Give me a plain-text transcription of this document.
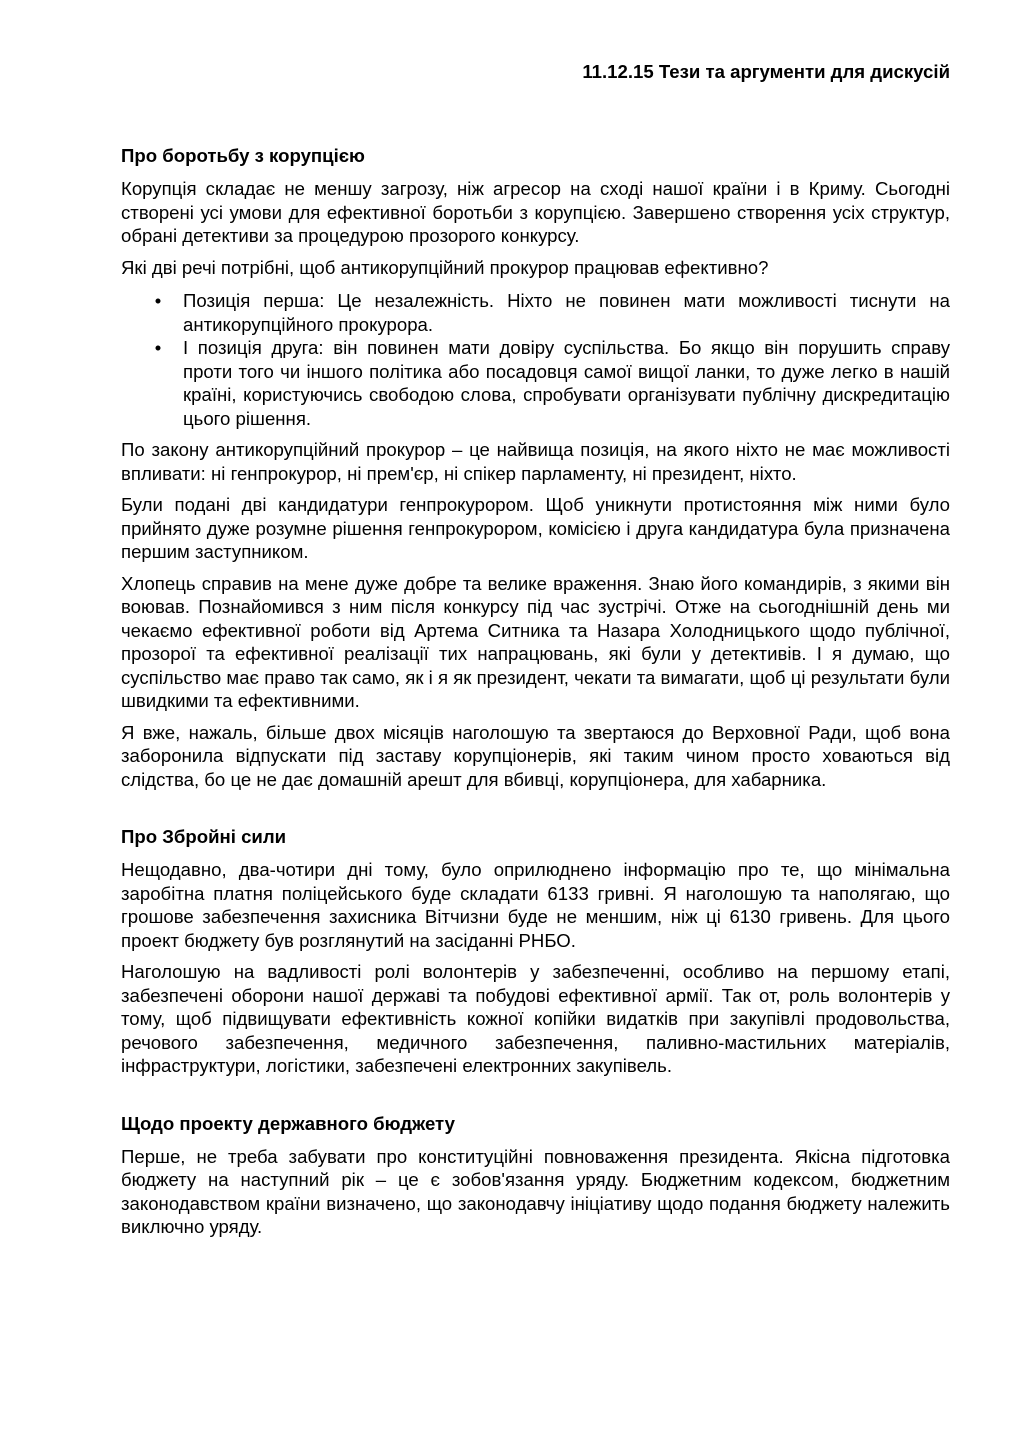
11.12.15 Тези та аргументи для дискусій
Про боротьбу з корупцією

Корупція складає не меншу загрозу, ніж агресор на сході нашої країни і в Криму. Сьогодні створені усі умови для ефективної боротьби з корупцією. Завершено створення усіх структур, обрані детективи за процедурою прозорого конкурсу.

Які дві речі потрібні, щоб антикорупційний прокурор працював ефективно?

• Позиція перша: Це незалежність. Ніхто не повинен мати можливості тиснути на антикорупційного прокурора.
• І позиція друга: він повинен мати довіру суспільства. Бо якщо він порушить справу проти того чи іншого політика або посадовця самої вищої ланки, то дуже легко в нашій країні, користуючись свободою слова, спробувати організувати публічну дискредитацію цього рішення.

По закону антикорупційний прокурор – це найвища позиція, на якого ніхто не має можливості впливати: ні генпрокурор, ні прем'єр, ні спікер парламенту, ні президент, ніхто.

Були подані дві кандидатури генпрокурором. Щоб уникнути протистояння між ними було прийнято дуже розумне рішення генпрокурором, комісією і друга кандидатура була призначена першим заступником.

Хлопець справив на мене дуже добре та велике враження. Знаю його командирів, з якими він воював. Познайомився з ним після конкурсу під час зустрічі. Отже на сьогоднішній день ми чекаємо ефективної роботи від Артема Ситника та Назара Холодницького щодо публічної, прозорої та ефективної реалізації тих напрацювань, які були у детективів. І я думаю, що суспільство має право так само, як і я як президент, чекати та вимагати, щоб ці результати були швидкими та ефективними.

Я вже, нажаль, більше двох місяців наголошую та звертаюся до Верховної Ради, щоб вона заборонила відпускати під заставу корупціонерів, які таким чином просто ховаються від слідства, бо це не дає домашній арешт для вбивці, корупціонера, для хабарника.

Про Збройні сили

Нещодавно, два-чотири дні тому, було оприлюднено інформацію про те, що мінімальна заробітна платня поліцейського буде складати 6133 гривні. Я наголошую та наполягаю, що грошове забезпечення захисника Вітчизни буде не меншим, ніж ці 6130 гривень. Для цього проект бюджету був розглянутий на засіданні РНБО.

Наголошую на вадливості ролі волонтерів у забезпеченні, особливо на першому етапі, забезпечені оборони нашої державі та побудові ефективної армії. Так от, роль волонтерів у тому, щоб підвищувати ефективність кожної копійки видатків при закупівлі продовольства, речового забезпечення, медичного забезпечення, паливно-мастильних матеріалів, інфраструктури, логістики, забезпечені електронних закупівель.

Щодо проекту державного бюджету

Перше, не треба забувати про конституційні повноваження президента. Якісна підготовка бюджету на наступний рік – це є зобов'язання уряду. Бюджетним кодексом, бюджетним законодавством країни визначено, що законодавчу ініціативу щодо подання бюджету належить виключно уряду.
